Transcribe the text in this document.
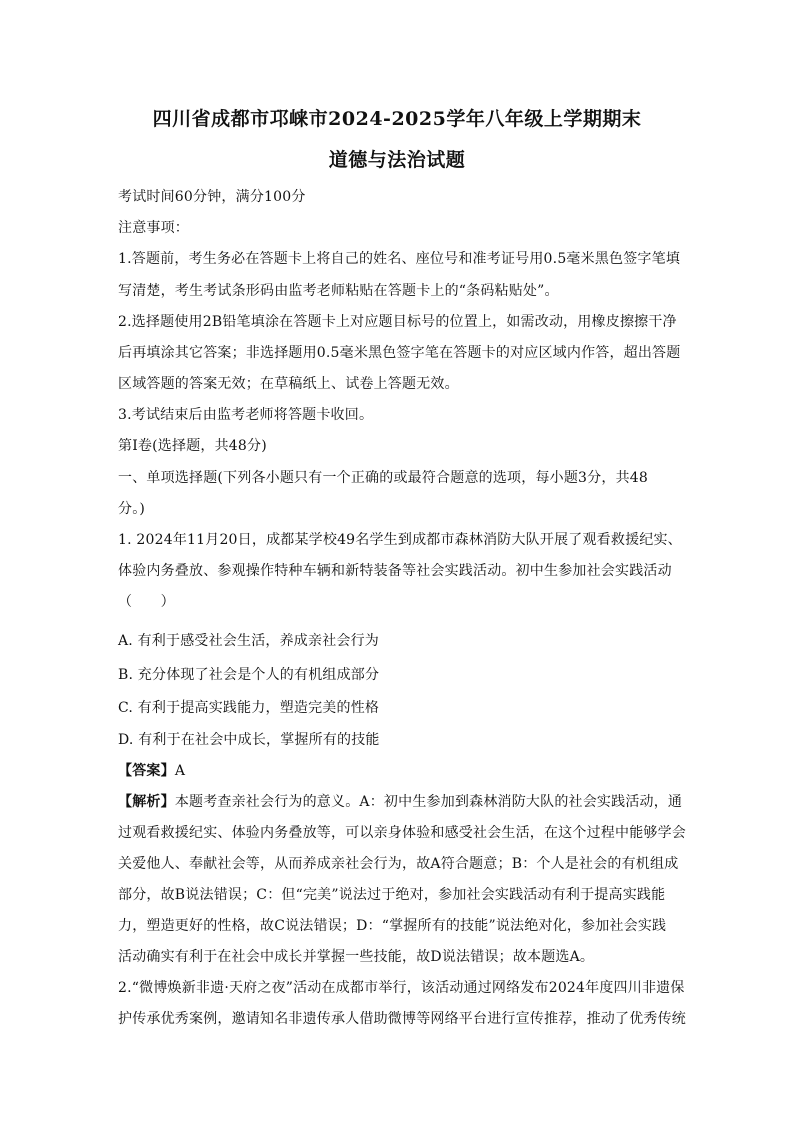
四川省成都市邛崃市2024-2025学年八年级上学期期末
道德与法治试题
考试时间60分钟，满分100分
注意事项：
1.答题前，考生务必在答题卡上将自己的姓名、座位号和准考证号用0.5毫米黑色签字笔填
写清楚，考生考试条形码由监考老师粘贴在答题卡上的“条码粘贴处”。
2.选择题使用2B铅笔填涂在答题卡上对应题目标号的位置上，如需改动，用橡皮擦擦干净
后再填涂其它答案；非选择题用0.5毫米黑色签字笔在答题卡的对应区域内作答，超出答题
区域答题的答案无效；在草稿纸上、试卷上答题无效。
3.考试结束后由监考老师将答题卡收回。
第I卷(选择题，共48分)
一、单项选择题(下列各小题只有一个正确的或最符合题意的选项，每小题3分，共48
分。)
1. 2024年11月20日，成都某学校49名学生到成都市森林消防大队开展了观看救援纪实、
体验内务叠放、参观操作特种车辆和新特装备等社会实践活动。初中生参加社会实践活动
（　　）
A. 有利于感受社会生活，养成亲社会行为
B. 充分体现了社会是个人的有机组成部分
C. 有利于提高实践能力，塑造完美的性格
D. 有利于在社会中成长，掌握所有的技能
【答案】A
【解析】本题考查亲社会行为的意义。A：初中生参加到森林消防大队的社会实践活动，通
过观看救援纪实、体验内务叠放等，可以亲身体验和感受社会生活，在这个过程中能够学会
关爱他人、奉献社会等，从而养成亲社会行为，故A符合题意；B：个人是社会的有机组成
部分，故B说法错误；C：但“完美”说法过于绝对，参加社会实践活动有利于提高实践能
力，塑造更好的性格，故C说法错误；D：“掌握所有的技能”说法绝对化，参加社会实践
活动确实有利于在社会中成长并掌握一些技能，故D说法错误；故本题选A。
2.“微博焕新非遗·天府之夜”活动在成都市举行，该活动通过网络发布2024年度四川非遗保
护传承优秀案例，邀请知名非遗传承人借助微博等网络平台进行宣传推荐，推动了优秀传统
